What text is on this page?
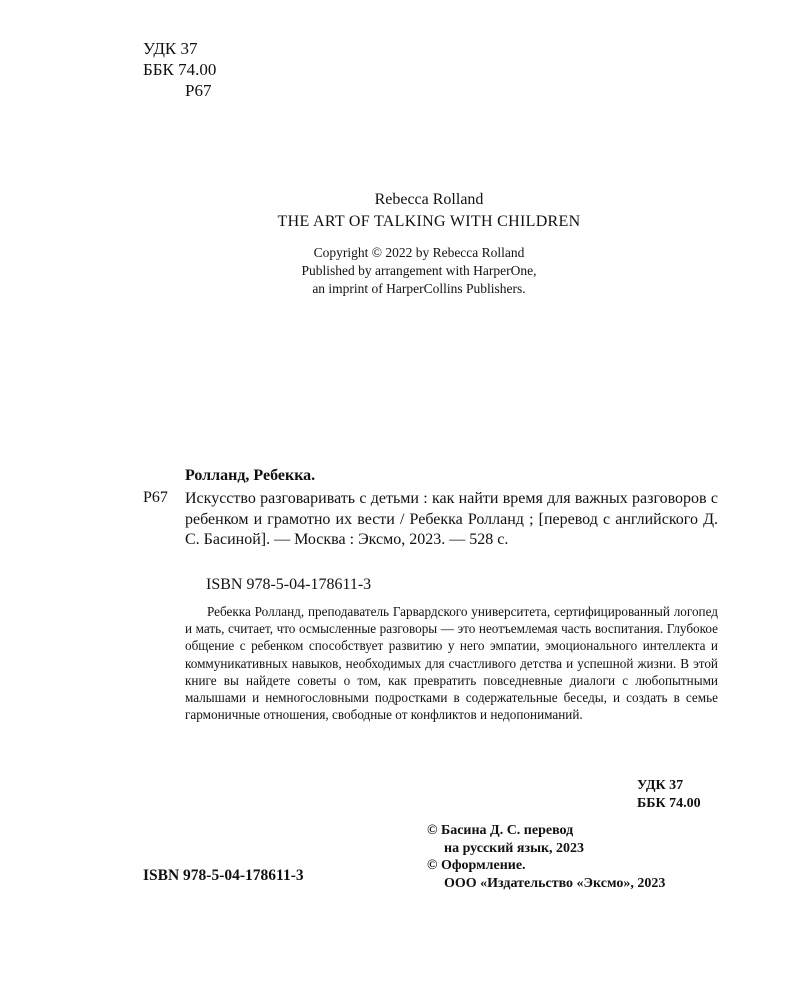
УДК 37
ББК 74.00
Р67
Rebecca Rolland
THE ART OF TALKING WITH CHILDREN
Copyright © 2022 by Rebecca Rolland
Published by arrangement with HarperOne,
an imprint of HarperCollins Publishers.
Ролланд, Ребекка.
Р67 Искусство разговаривать с детьми : как найти время для важных разговоров с ребенком и грамотно их вести / Ребекка Ролланд ; [перевод с английского Д. С. Басиной]. — Москва : Эксмо, 2023. — 528 с.
ISBN 978-5-04-178611-3
Ребекка Ролланд, преподаватель Гарвардского университета, сертифицированный логопед и мать, считает, что осмысленные разговоры — это неотъемлемая часть воспитания. Глубокое общение с ребенком способствует развитию у него эмпатии, эмоционального интеллекта и коммуникативных навыков, необходимых для счастливого детства и успешной жизни. В этой книге вы найдете советы о том, как превратить повседневные диалоги с любопытными малышами и немногословными подростками в содержательные беседы, и создать в семье гармоничные отношения, свободные от конфликтов и недопониманий.
УДК 37
ББК 74.00
© Басина Д. С. перевод
на русский язык, 2023
© Оформление.
ООО «Издательство «Эксмо», 2023
ISBN 978-5-04-178611-3
